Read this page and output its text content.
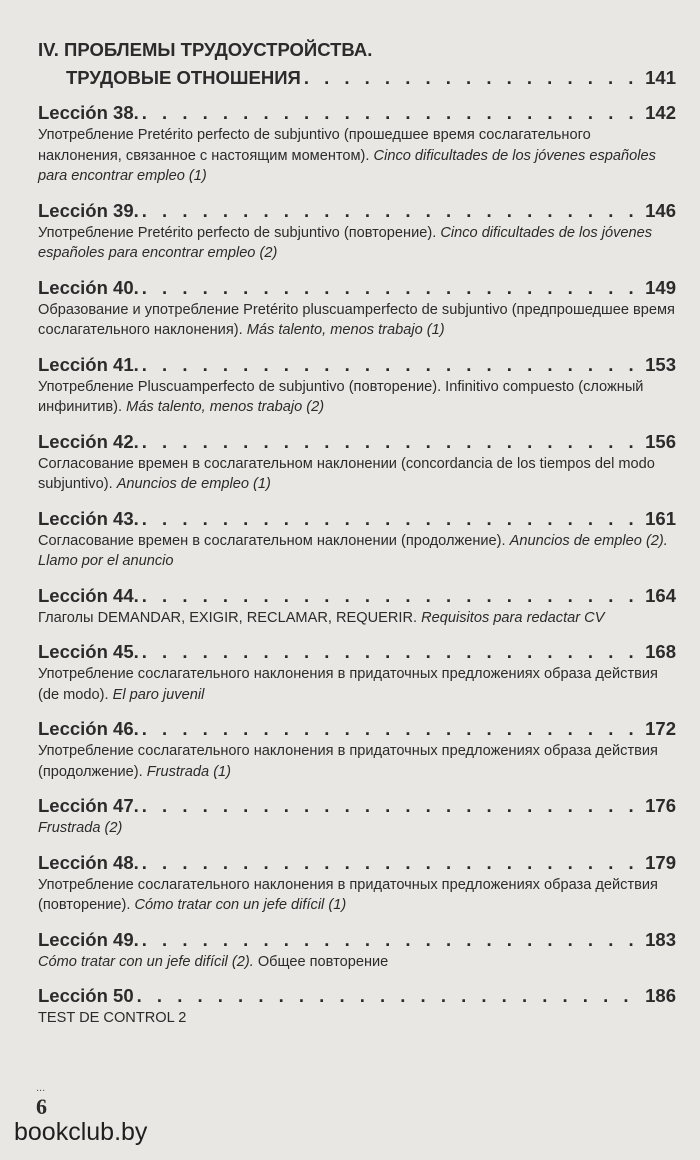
IV. ПРОБЛЕМЫ ТРУДОУСТРОЙСТВА.
ТРУДОВЫЕ ОТНОШЕНИЯ . . .	141
Lección 38. . . .	142
Употребление Pretérito perfecto de subjuntivo (прошедшее время сослагательного наклонения, связанное с настоящим моментом). Cinco dificultades de los jóvenes españoles para encontrar empleo (1)
Lección 39. . . .	146
Употребление Pretérito perfecto de subjuntivo (повторение). Cinco dificultades de los jóvenes españoles para encontrar empleo (2)
Lección 40. . . .	149
Образование и употребление Pretérito pluscuamperfecto de subjuntivo (предпрошедшее время сослагательного наклонения). Más talento, menos trabajo (1)
Lección 41. . . .	153
Употребление Pluscuamperfecto de subjuntivo (повторение). Infinitivo compuesto (сложный инфинитив). Más talento, menos trabajo (2)
Lección 42. . . .	156
Согласование времен в сослагательном наклонении (concordancia de los tiempos del modo subjuntivo). Anuncios de empleo (1)
Lección 43. . . .	161
Согласование времен в сослагательном наклонении (продолжение). Anuncios de empleo (2). Llamo por el anuncio
Lección 44. . . .	164
Глаголы DEMANDAR, EXIGIR, RECLAMAR, REQUERIR. Requisitos para redactar CV
Lección 45. . . .	168
Употребление сослагательного наклонения в придаточных предложениях образа действия (de modo). El paro juvenil
Lección 46. . . .	172
Употребление сослагательного наклонения в придаточных предложениях образа действия (продолжение). Frustrada (1)
Lección 47. . . .	176
Frustrada (2)
Lección 48. . . .	179
Употребление сослагательного наклонения в придаточных предложениях образа действия (повторение). Cómo tratar con un jefe difícil (1)
Lección 49. . . .	183
Cómo tratar con un jefe difícil (2). Общее повторение
Lección 50 . . .	186
TEST DE CONTROL 2
...
6
bookclub.by
